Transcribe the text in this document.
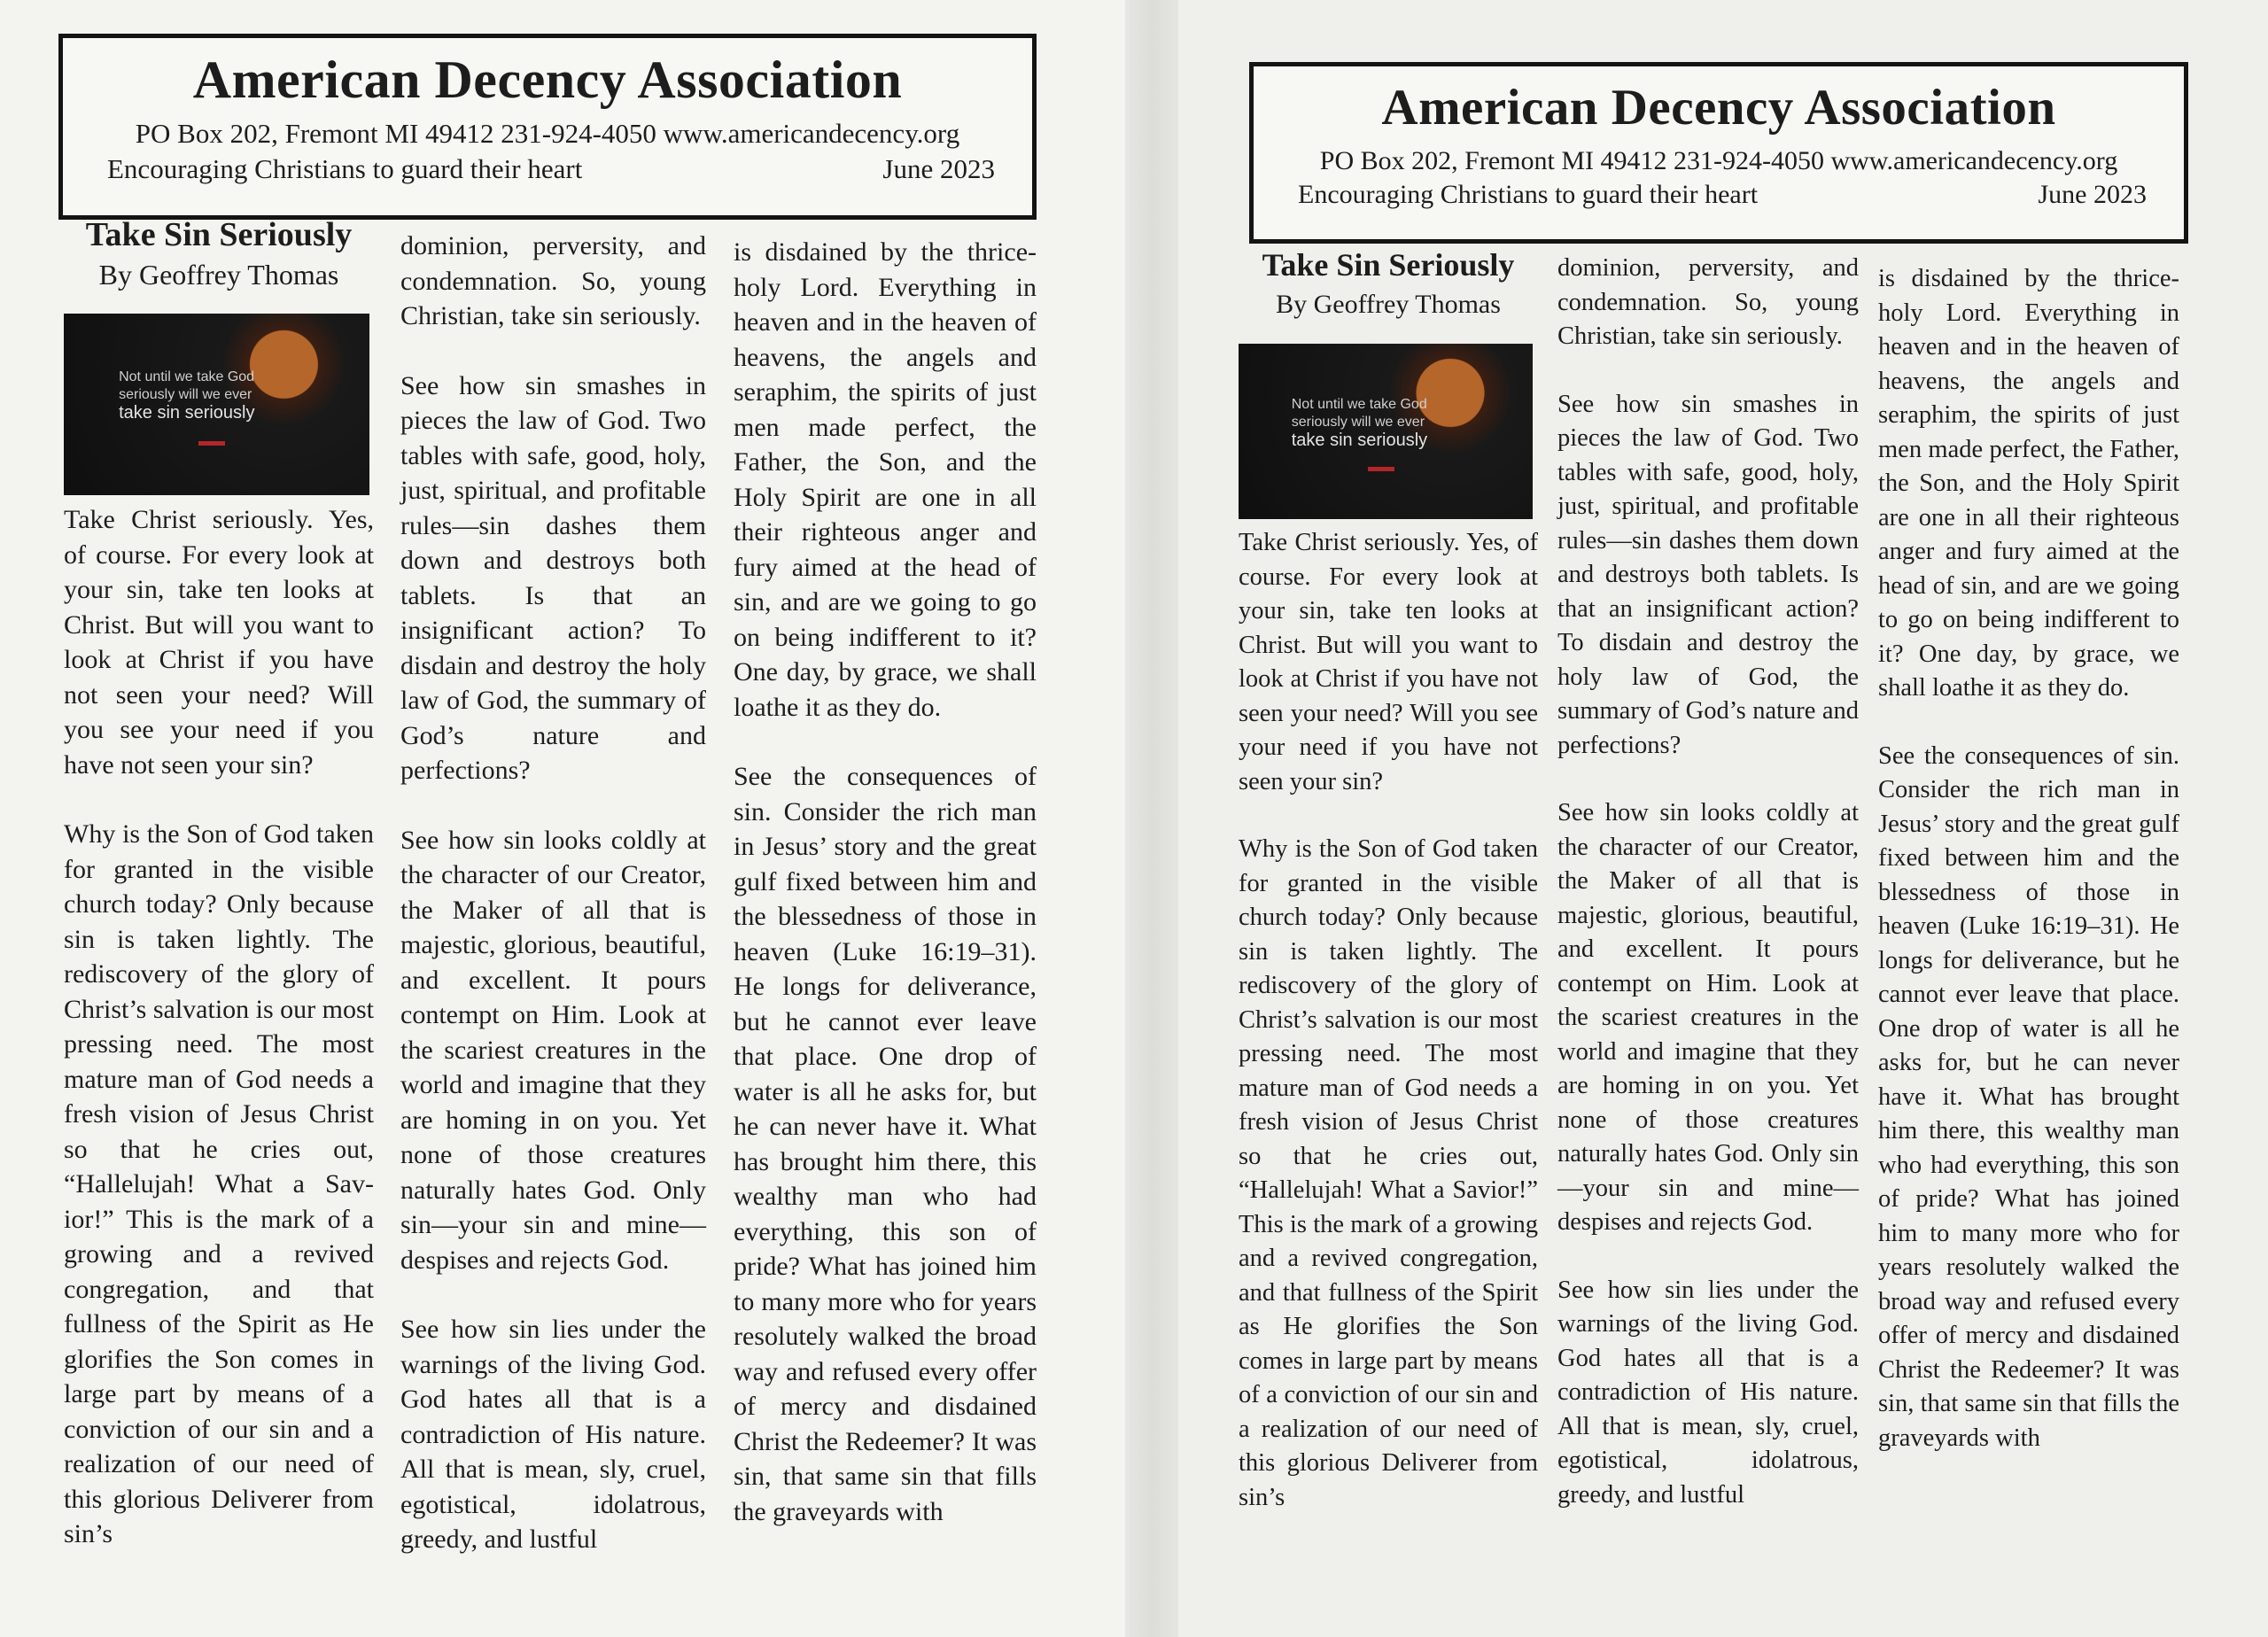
American Decency Association
PO Box 202, Fremont MI 49412 231-924-4050 www.americandecency.org
Encouraging Christians to guard their heart	June 2023
Take Sin Seriously
By Geoffrey Thomas
Not until we take God
seriously will we ever
take sin seriously

Take Christ seriously. Yes, of course. For every look at your sin, take ten looks at Christ. But will you want to look at Christ if you have not seen your need? Will you see your need if you have not seen your sin?

Why is the Son of God taken for granted in the visible church today? Only because sin is taken lightly. The rediscovery of the glory of Christ’s salvation is our most pressing need. The most mature man of God needs a fresh vision of Jesus Christ so that he cries out, “Hallelujah! What a Savior!” This is the mark of a growing and a revived congregation, and that fullness of the Spirit as He glorifies the Son comes in large part by means of a conviction of our sin and a realization of our need of this glorious Deliverer from sin’s

dominion, perversity, and condemnation. So, young Christian, take sin seriously.

See how sin smashes in pieces the law of God. Two tables with safe, good, holy, just, spiritual, and profitable rules—sin dashes them down and destroys both tablets. Is that an insignificant action? To disdain and destroy the holy law of God, the summary of God’s nature and perfections?

See how sin looks coldly at the character of our Creator, the Maker of all that is majestic, glorious, beautiful, and excellent. It pours contempt on Him. Look at the scariest creatures in the world and imagine that they are homing in on you. Yet none of those creatures naturally hates God. Only sin—your sin and mine—despises and rejects God.

See how sin lies under the warnings of the living God. God hates all that is a contradiction of His nature. All that is mean, sly, cruel, egotistical, idolatrous, greedy, and lustful

is disdained by the thrice-holy Lord. Everything in heaven and in the heaven of heavens, the angels and seraphim, the spirits of just men made perfect, the Father, the Son, and the Holy Spirit are one in all their righteous anger and fury aimed at the head of sin, and are we going to go on being indifferent to it? One day, by grace, we shall loathe it as they do.

See the consequences of sin. Consider the rich man in Jesus’ story and the great gulf fixed between him and the blessedness of those in heaven (Luke 16:19–31). He longs for deliverance, but he cannot ever leave that place. One drop of water is all he asks for, but he can never have it. What has brought him there, this wealthy man who had everything, this son of pride? What has joined him to many more who for years resolutely walked the broad way and refused every offer of mercy and disdained Christ the Redeemer? It was sin, that same sin that fills the graveyards with

American Decency Association
PO Box 202, Fremont MI 49412 231-924-4050 www.americandecency.org
Encouraging Christians to guard their heart	June 2023
Take Sin Seriously
By Geoffrey Thomas
Not until we take God
seriously will we ever
take sin seriously

Take Christ seriously. Yes, of course. For every look at your sin, take ten looks at Christ. But will you want to look at Christ if you have not seen your need? Will you see your need if you have not seen your sin?

Why is the Son of God taken for granted in the visible church today? Only because sin is taken lightly. The rediscovery of the glory of Christ’s salvation is our most pressing need. The most mature man of God needs a fresh vision of Jesus Christ so that he cries out, “Hallelujah! What a Savior!” This is the mark of a growing and a revived congregation, and that fullness of the Spirit as He glorifies the Son comes in large part by means of a conviction of our sin and a realization of our need of this glorious Deliverer from sin’s

dominion, perversity, and condemnation. So, young Christian, take sin seriously.

See how sin smashes in pieces the law of God. Two tables with safe, good, holy, just, spiritual, and profitable rules—sin dashes them down and destroys both tablets. Is that an insignificant action? To disdain and destroy the holy law of God, the summary of God’s nature and perfections?

See how sin looks coldly at the character of our Creator, the Maker of all that is majestic, glorious, beautiful, and excellent. It pours contempt on Him. Look at the scariest creatures in the world and imagine that they are homing in on you. Yet none of those creatures naturally hates God. Only sin—your sin and mine—despises and rejects God.

See how sin lies under the warnings of the living God. God hates all that is a contradiction of His nature. All that is mean, sly, cruel, egotistical, idolatrous, greedy, and lustful

is disdained by the thrice-holy Lord. Everything in heaven and in the heaven of heavens, the angels and seraphim, the spirits of just men made perfect, the Father, the Son, and the Holy Spirit are one in all their righteous anger and fury aimed at the head of sin, and are we going to go on being indifferent to it? One day, by grace, we shall loathe it as they do.

See the consequences of sin. Consider the rich man in Jesus’ story and the great gulf fixed between him and the blessedness of those in heaven (Luke 16:19–31). He longs for deliverance, but he cannot ever leave that place. One drop of water is all he asks for, but he can never have it. What has brought him there, this wealthy man who had everything, this son of pride? What has joined him to many more who for years resolutely walked the broad way and refused every offer of mercy and disdained Christ the Redeemer? It was sin, that same sin that fills the graveyards with
